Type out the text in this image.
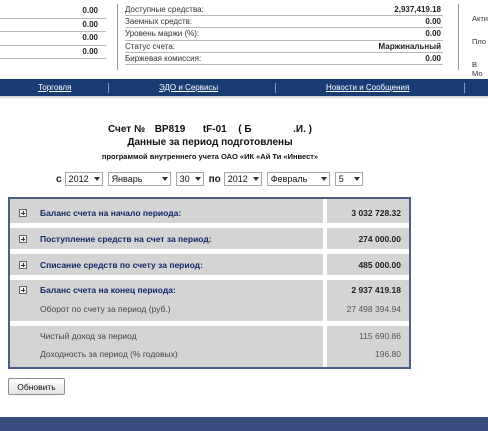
0.00
0.00
0.00
0.00
Доступные средства:	2,937,419.18
Заемных средств:	0.00
Уровень маржи (%):	0.00
Статус счета:	Маржинальный
Биржевая комиссия:	0.00
Акти
Пло
В Мо
Торговля	ЭДО и Сервисы	Новости и Сообщения
Счет № BP819 tF-01 ( Б	.И. )
Данные за период подготовлены
программой внутреннего учета ОАО «ИК «Ай Ти «Инвест»
с 2012	Январь	30 по 2012	Февраль	5
Баланс счета на начало периода:	3 032 728.32
Поступление средств на счет за период:	274 000.00
Списание средств по счету за период:	485 000.00
Баланс счета на конец периода:	2 937 419.18
Оборот по счету за период (руб.)	27 498 394.94
Чистый доход за период	115 690.86
Доходность за период (% годовых)	196.80
Обновить
